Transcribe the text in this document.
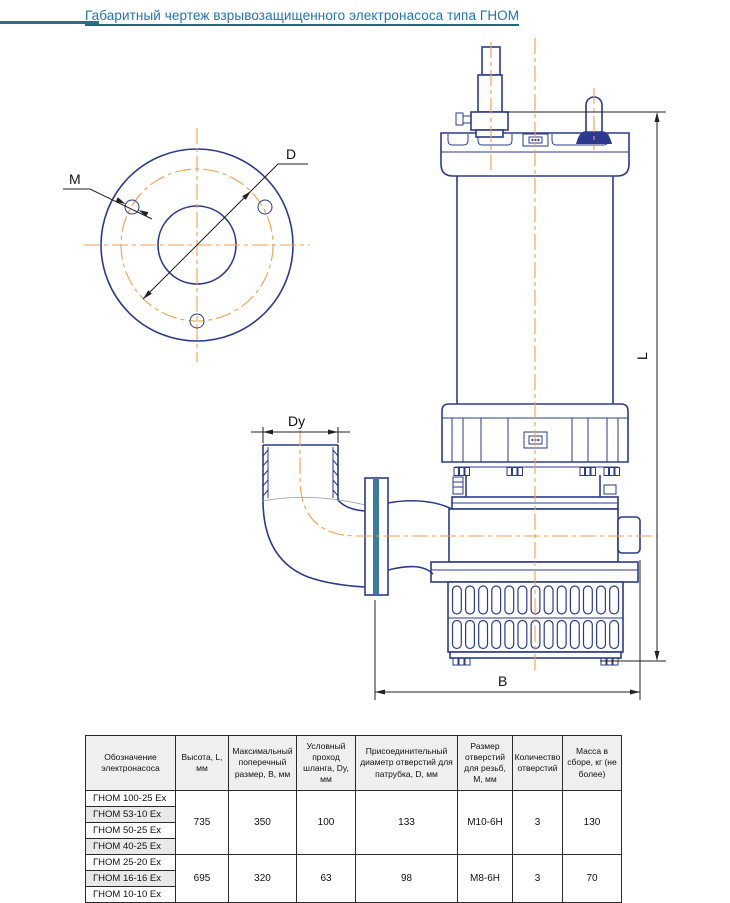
Габаритный чертеж взрывозащищенного электронасоса типа ГНОМ
M
D
L
B
Dy
Обозначение электронасоса	Высота, L, мм	Максимальный поперечный размер, В, мм	Условный проход шланга, Dy, мм	Присоединительный диаметр отверстий для патрубка, D, мм	Размер отверстий для резьб, М, мм	Количество отверстий	Масса в сборе, кг (не более)
ГНОМ 100-25 Ex	735	350	100	133	М10-6Н	3	130
ГНОМ 53-10 Ex							
ГНОМ 50-25 Ex							
ГНОМ 40-25 Ex							
ГНОМ 25-20 Ex	695	320	63	98	М8-6Н	3	70
ГНОМ 16-16 Ех							
ГНОМ 10-10 Ex							
